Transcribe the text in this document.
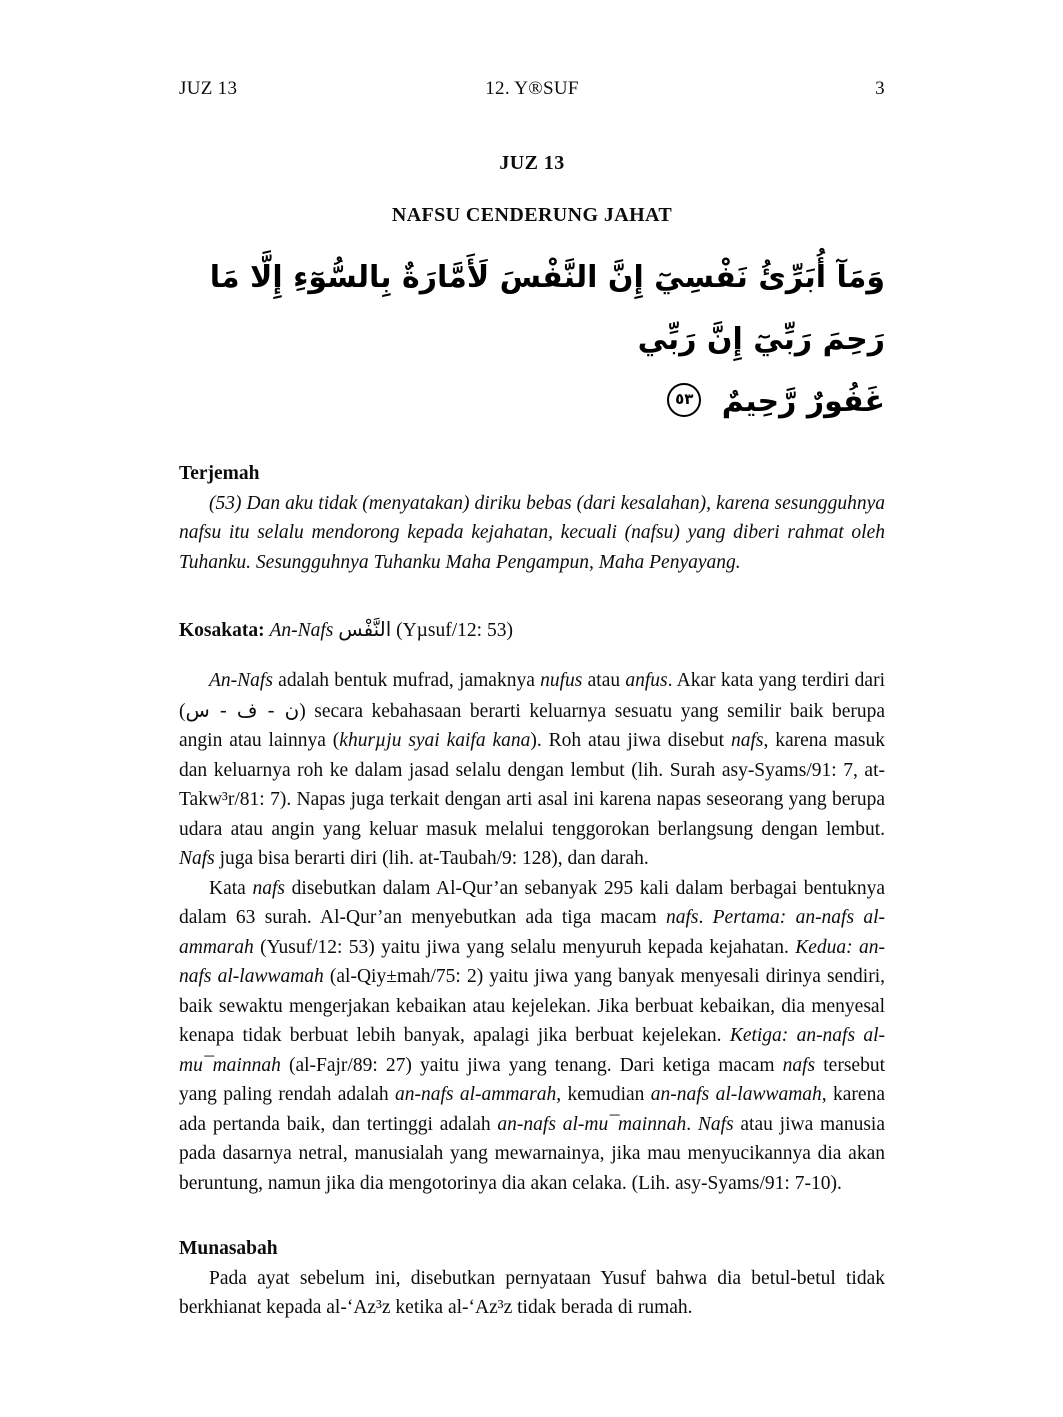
JUZ 13	12. Y®SUF	3
JUZ 13
NAFSU CENDERUNG JAHAT
وَمَآ أُبَرِّئُ نَفْسِيٓ إِنَّ النَّفْسَ لَأَمَّارَةٌ بِالسُّوٓءِ إِلَّا مَا رَحِمَ رَبِّيٓ إِنَّ رَبِّي
غَفُورٌ رَّحِيمٌ ٥٣
Terjemah

(53) Dan aku tidak (menyatakan) diriku bebas (dari kesalahan), karena sesungguhnya nafsu itu selalu mendorong kepada kejahatan, kecuali (nafsu) yang diberi rahmat oleh Tuhanku. Sesungguhnya Tuhanku Maha Pengampun, Maha Penyayang.

Kosakata: An-Nafs النَّفْس (Yµsuf/12: 53)

An-Nafs adalah bentuk mufrad, jamaknya nufus atau anfus. Akar kata yang terdiri dari (ن - ف - س) secara kebahasaan berarti keluarnya sesuatu yang semilir baik berupa angin atau lainnya (khurµju syai kaifa kana). Roh atau jiwa disebut nafs, karena masuk dan keluarnya roh ke dalam jasad selalu dengan lembut (lih. Surah asy-Syams/91: 7, at-Takw³r/81: 7). Napas juga terkait dengan arti asal ini karena napas seseorang yang berupa udara atau angin yang keluar masuk melalui tenggorokan berlangsung dengan lembut. Nafs juga bisa berarti diri (lih. at-Taubah/9: 128), dan darah.

Kata nafs disebutkan dalam Al-Qur’an sebanyak 295 kali dalam berbagai bentuknya dalam 63 surah. Al-Qur’an menyebutkan ada tiga macam nafs. Pertama: an-nafs al-ammarah (Yusuf/12: 53) yaitu jiwa yang selalu menyuruh kepada kejahatan. Kedua: an-nafs al-lawwamah (al-Qiy±mah/75: 2) yaitu jiwa yang banyak menyesali dirinya sendiri, baik sewaktu mengerjakan kebaikan atau kejelekan. Jika berbuat kebaikan, dia menyesal kenapa tidak berbuat lebih banyak, apalagi jika berbuat kejelekan. Ketiga: an-nafs al-mu¯mainnah (al-Fajr/89: 27) yaitu jiwa yang tenang. Dari ketiga macam nafs tersebut yang paling rendah adalah an-nafs al-ammarah, kemudian an-nafs al-lawwamah, karena ada pertanda baik, dan tertinggi adalah an-nafs al-mu¯mainnah. Nafs atau jiwa manusia pada dasarnya netral, manusialah yang mewarnainya, jika mau menyucikannya dia akan beruntung, namun jika dia mengotorinya dia akan celaka. (Lih. asy-Syams/91: 7-10).

Munasabah

Pada ayat sebelum ini, disebutkan pernyataan Yusuf bahwa dia betul-betul tidak berkhianat kepada al-‘Az³z ketika al-‘Az³z tidak berada di rumah.
